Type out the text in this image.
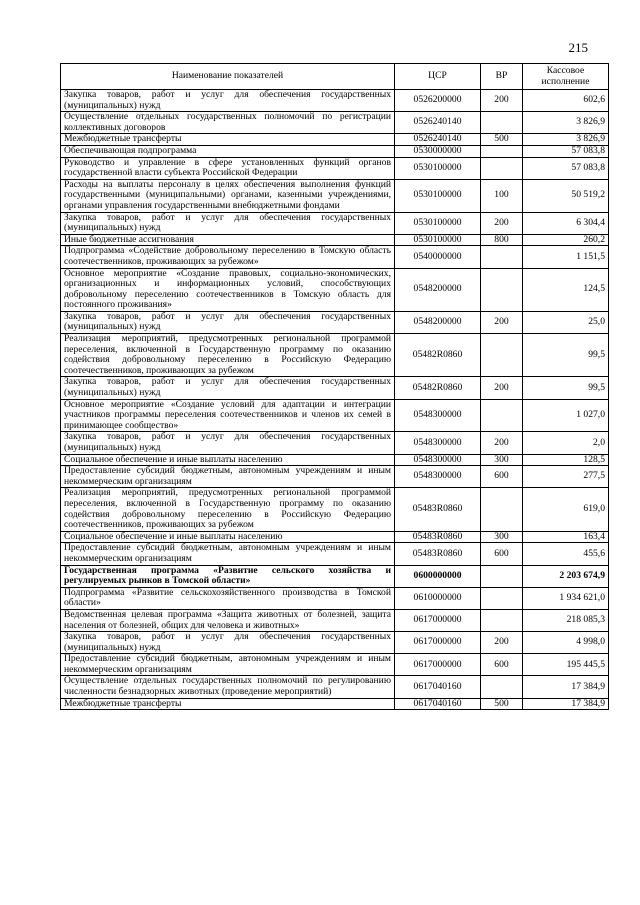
215
Наименование показателей	ЦСР	ВР	Кассовое исполнение
Закупка товаров, работ и услуг для обеспечения государственных (муниципальных) нужд	0526200000	200	602,6
Осуществление отдельных государственных полномочий по регистрации коллективных договоров	0526240140		3 826,9
Межбюджетные трансферты	0526240140	500	3 826,9
Обеспечивающая подпрограмма	0530000000		57 083,8
Руководство и управление в сфере установленных функций органов государственной власти субъекта Российской Федерации	0530100000		57 083,8
Расходы на выплаты персоналу в целях обеспечения выполнения функций государственными (муниципальными) органами, казенными учреждениями, органами управления государственными внебюджетными фондами	0530100000	100	50 519,2
Закупка товаров, работ и услуг для обеспечения государственных (муниципальных) нужд	0530100000	200	6 304,4
Иные бюджетные ассигнования	0530100000	800	260,2
Подпрограмма «Содействие добровольному переселению в Томскую область соотечественников, проживающих за рубежом»	0540000000		1 151,5
Основное мероприятие «Создание правовых, социально-экономических, организационных и информационных условий, способствующих добровольному переселению соотечественников в Томскую область для постоянного проживания»	0548200000		124,5
Закупка товаров, работ и услуг для обеспечения государственных (муниципальных) нужд	0548200000	200	25,0
Реализация мероприятий, предусмотренных региональной программой переселения, включенной в Государственную программу по оказанию содействия добровольному переселению в Российскую Федерацию соотечественников, проживающих за рубежом	05482R0860		99,5
Закупка товаров, работ и услуг для обеспечения государственных (муниципальных) нужд	05482R0860	200	99,5
Основное мероприятие «Создание условий для адаптации и интеграции участников программы переселения соотечественников и членов их семей в принимающее сообщество»	0548300000		1 027,0
Закупка товаров, работ и услуг для обеспечения государственных (муниципальных) нужд	0548300000	200	2,0
Социальное обеспечение и иные выплаты населению	0548300000	300	128,5
Предоставление субсидий бюджетным, автономным учреждениям и иным некоммерческим организациям	0548300000	600	277,5
Реализация мероприятий, предусмотренных региональной программой переселения, включенной в Государственную программу по оказанию содействия добровольному переселению в Российскую Федерацию соотечественников, проживающих за рубежом	05483R0860		619,0
Социальное обеспечение и иные выплаты населению	05483R0860	300	163,4
Предоставление субсидий бюджетным, автономным учреждениям и иным некоммерческим организациям	05483R0860	600	455,6
Государственная программа «Развитие сельского хозяйства и регулируемых рынков в Томской области»	0600000000		2 203 674,9
Подпрограмма «Развитие сельскохозяйственного производства в Томской области»	0610000000		1 934 621,0
Ведомственная целевая программа «Защита животных от болезней, защита населения от болезней, общих для человека и животных»	0617000000		218 085,3
Закупка товаров, работ и услуг для обеспечения государственных (муниципальных) нужд	0617000000	200	4 998,0
Предоставление субсидий бюджетным, автономным учреждениям и иным некоммерческим организациям	0617000000	600	195 445,5
Осуществление отдельных государственных полномочий по регулированию численности безнадзорных животных (проведение мероприятий)	0617040160		17 384,9
Межбюджетные трансферты	0617040160	500	17 384,9
